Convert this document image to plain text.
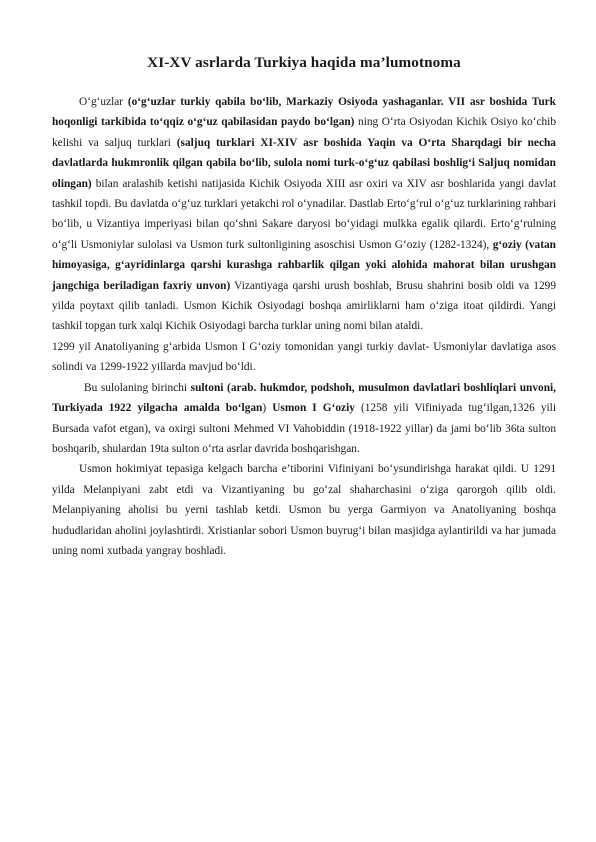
XI-XV asrlarda Turkiya haqida ma’lumotnoma

O‘g‘uzlar (o‘g‘uzlar turkiy qabila bo‘lib, Markaziy Osiyoda yashaganlar. VII asr boshida Turk hoqonligi tarkibida to‘qqiz o‘g‘uz qabilasidan paydo bo‘lgan) ning O‘rta Osiyodan Kichik Osiyo ko‘chib kelishi va saljuq turklari (saljuq turklari XI-XIV asr boshida Yaqin va O‘rta Sharqdagi bir necha davlatlarda hukmronlik qilgan qabila bo‘lib, sulola nomi turk-o‘g‘uz qabilasi boshlig‘i Saljuq nomidan olingan) bilan aralashib ketishi natijasida Kichik Osiyoda XIII asr oxiri va XIV asr boshlarida yangi davlat tashkil topdi. Bu davlatda o‘g‘uz turklari yetakchi rol o‘ynadilar. Dastlab Erto‘g‘rul o‘g‘uz turklarining rahbari bo‘lib, u Vizantiya imperiyasi bilan qo‘shni Sakare daryosi bo‘yidagi mulkka egalik qilardi. Erto‘g‘rulning o‘g‘li Usmoniylar sulolasi va Usmon turk sultonligining asoschisi Usmon G‘oziy (1282-1324), g‘oziy (vatan himoyasiga, g‘ayridinlarga qarshi kurashga rahbarlik qilgan yoki alohida mahorat bilan urushgan jangchiga beriladigan faxriy unvon) Vizantiyaga qarshi urush boshlab, Brusu shahrini bosib oldi va 1299 yilda poytaxt qilib tanladi. Usmon Kichik Osiyodagi boshqa amirliklarni ham o‘ziga itoat qildirdi. Yangi tashkil topgan turk xalqi Kichik Osiyodagi barcha turklar uning nomi bilan ataldi.

1299 yil Anatoliyaning g‘arbida Usmon I G‘oziy tomonidan yangi turkiy davlat- Usmoniylar davlatiga asos solindi va 1299-1922 yillarda mavjud bo‘ldi.

Bu sulolaning birinchi sultoni (arab. hukmdor, podshoh, musulmon davlatlari boshliqlari unvoni, Turkiyada 1922 yilgacha amalda bo‘lgan) Usmon I G‘oziy (1258 yili Vifiniyada tug‘ilgan,1326 yili Bursada vafot etgan), va oxirgi sultoni Mehmed VI Vahobiddin (1918-1922 yillar) da jami bo‘lib 36ta sulton boshqarib, shulardan 19ta sulton o‘rta asrlar davrida boshqarishgan.

Usmon hokimiyat tepasiga kelgach barcha e’tiborini Vifiniyani bo‘ysundirishga harakat qildi. U 1291 yilda Melanpiyani zabt etdi va Vizantiyaning bu go‘zal shaharchasini o‘ziga qarorgoh qilib oldi. Melanpiyaning aholisi bu yerni tashlab ketdi. Usmon bu yerga Garmiyon va Anatoliyaning boshqa hududlaridan aholini joylashtirdi. Xristianlar sobori Usmon buyrug‘i bilan masjidga aylantirildi va har jumada uning nomi xutbada yangray boshladi.
